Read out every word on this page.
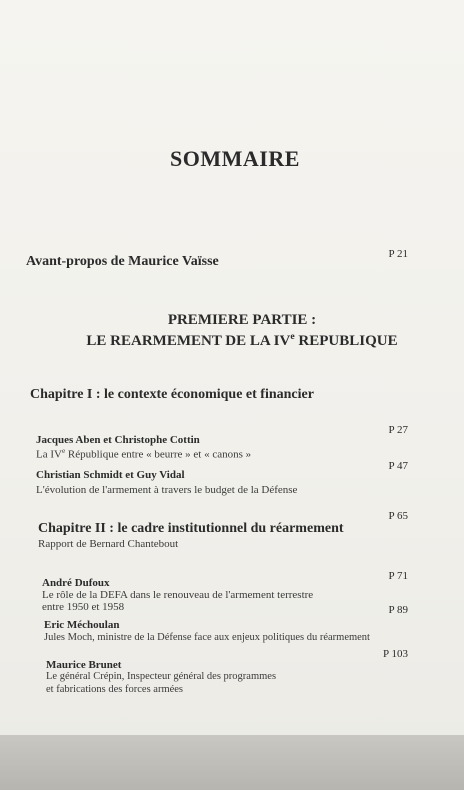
SOMMAIRE
Avant-propos de Maurice Vaïsse	P 21
PREMIERE PARTIE :
LE REARMEMENT DE LA IVe REPUBLIQUE
Chapitre I : le contexte économique et financier
Jacques Aben et Christophe Cottin
La IVe République entre « beurre » et « canons »
P 27
Christian Schmidt et Guy Vidal
L'évolution de l'armement à travers le budget de la Défense
P 47
Chapitre II : le cadre institutionnel du réarmement
Rapport de Bernard Chantebout
P 65
André Dufoux
Le rôle de la DEFA dans le renouveau de l'armement terrestre
entre 1950 et 1958
P 71
Eric Méchoulan
Jules Moch, ministre de la Défense face aux enjeux politiques du réarmement
P 89
Maurice Brunet
Le général Crépin, Inspecteur général des programmes
et fabrications des forces armées
P 103
